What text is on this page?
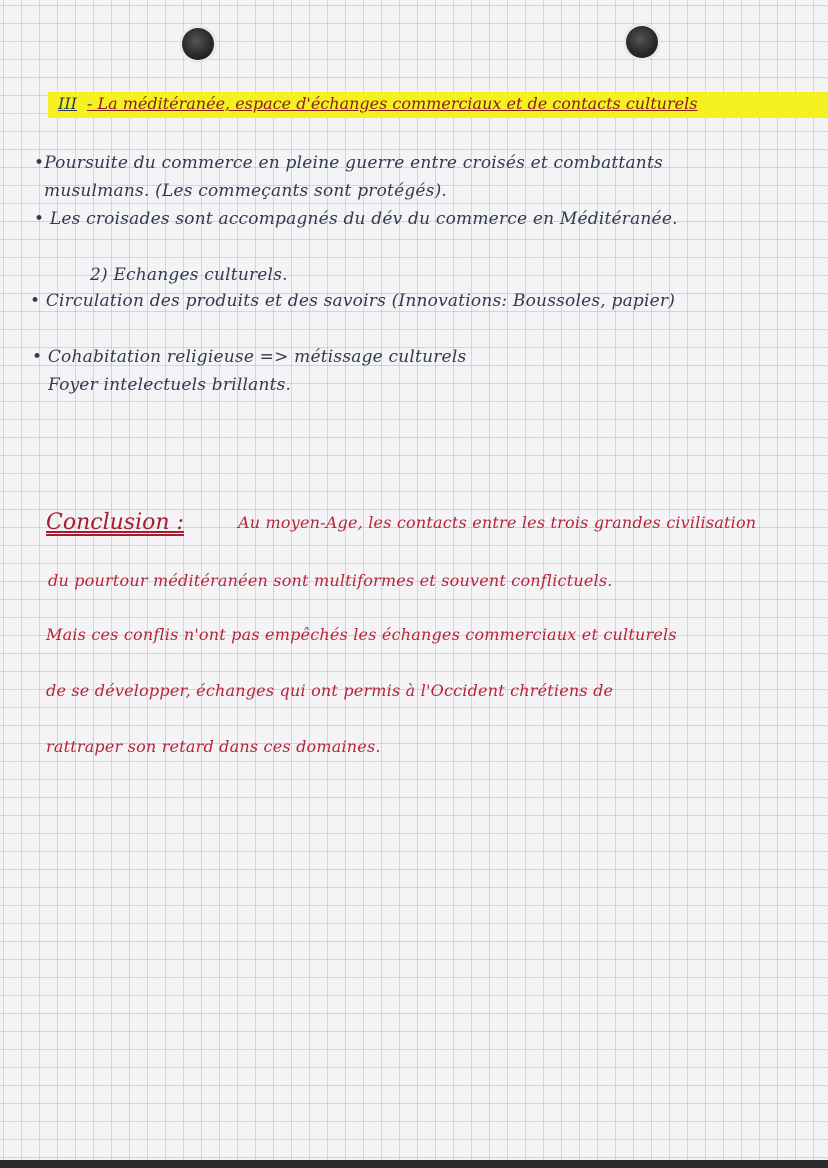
III - La méditéranée, espace d'échanges commerciaux et de contacts culturels
•Poursuite du commerce en pleine guerre entre croisés et combattants
musulmans. (Les commeçants sont protégés).
• Les croisades sont accompagnés du dév du commerce en Méditéranée.
2) Echanges culturels.
• Circulation des produits et des savoirs (Innovations: Boussoles, papier)
• Cohabitation religieuse => métissage culturels
Foyer intelectuels brillants.
Conclusion :	Au moyen-Age, les contacts entre les trois grandes civilisation
du pourtour méditéranéen sont multiformes et souvent conflictuels.
Mais ces conflis n'ont pas empêchés les échanges commerciaux et culturels
de se développer, échanges qui ont permis à l'Occident chrétiens de
rattraper son retard dans ces domaines.
